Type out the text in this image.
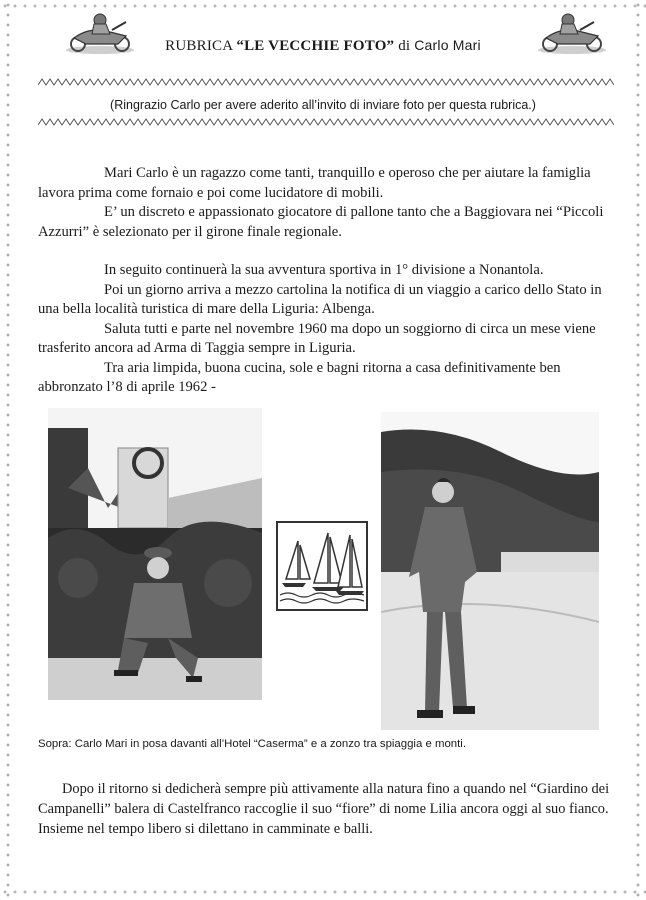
RUBRICA “LE VECCHIE FOTO” di Carlo Mari
(Ringrazio Carlo per avere aderito all’invito di inviare foto per questa rubrica.)

Mari Carlo è un ragazzo come tanti, tranquillo e operoso che per aiutare la famiglia lavora prima come fornaio e poi come lucidatore di mobili.

E’ un discreto e appassionato giocatore di pallone tanto che a Baggiovara nei “Piccoli Azzurri” è selezionato per il girone finale regionale.

In seguito continuerà la sua avventura sportiva in 1° divisione a Nonantola.

Poi un giorno arriva a mezzo cartolina la notifica di un viaggio a carico dello Stato in una bella località turistica di mare della Liguria: Albenga.

Saluta tutti e parte nel novembre 1960 ma dopo un soggiorno di circa un mese viene trasferito ancora ad Arma di Taggia sempre in Liguria.

Tra aria limpida, buona cucina, sole e bagni ritorna a casa definitivamente ben abbronzato l’8 di aprile 1962 -

Sopra: Carlo Mari in posa davanti all’Hotel “Caserma” e a zonzo tra spiaggia e monti.

Dopo il ritorno si dedicherà sempre più attivamente alla natura fino a quando nel “Giardino dei Campanelli” balera di Castelfranco raccoglie il suo “fiore” di nome Lilia ancora oggi al suo fianco. Insieme nel tempo libero si dilettano in camminate e balli.
